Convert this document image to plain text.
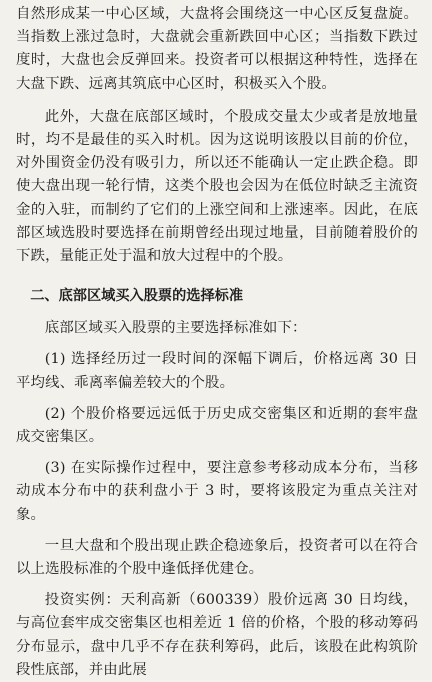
自然形成某一中心区域，大盘将会围绕这一中心区反复盘旋。当指数上涨过急时，大盘就会重新跌回中心区；当指数下跌过度时，大盘也会反弹回来。投资者可以根据这种特性，选择在大盘下跌、远离其筑底中心区时，积极买入个股。

此外，大盘在底部区域时，个股成交量太少或者是放地量时，均不是最佳的买入时机。因为这说明该股以目前的价位，对外围资金仍没有吸引力，所以还不能确认一定止跌企稳。即使大盘出现一轮行情，这类个股也会因为在低位时缺乏主流资金的入驻，而制约了它们的上涨空间和上涨速率。因此，在底部区域选股时要选择在前期曾经出现过地量，目前随着股价的下跌，量能正处于温和放大过程中的个股。

二、底部区域买入股票的选择标准

底部区域买入股票的主要选择标准如下：

(1) 选择经历过一段时间的深幅下调后，价格远离 30 日平均线、乖离率偏差较大的个股。

(2) 个股价格要远远低于历史成交密集区和近期的套牢盘成交密集区。

(3) 在实际操作过程中，要注意参考移动成本分布，当移动成本分布中的获利盘小于 3 时，要将该股定为重点关注对象。

一旦大盘和个股出现止跌企稳迹象后，投资者可以在符合以上选股标准的个股中逢低择优建仓。

投资实例：天利高新（600339）股价远离 30 日均线，与高位套牢成交密集区也相差近 1 倍的价格，个股的移动筹码分布显示，盘中几乎不存在获利筹码，此后，该股在此构筑阶段性底部，并由此展
